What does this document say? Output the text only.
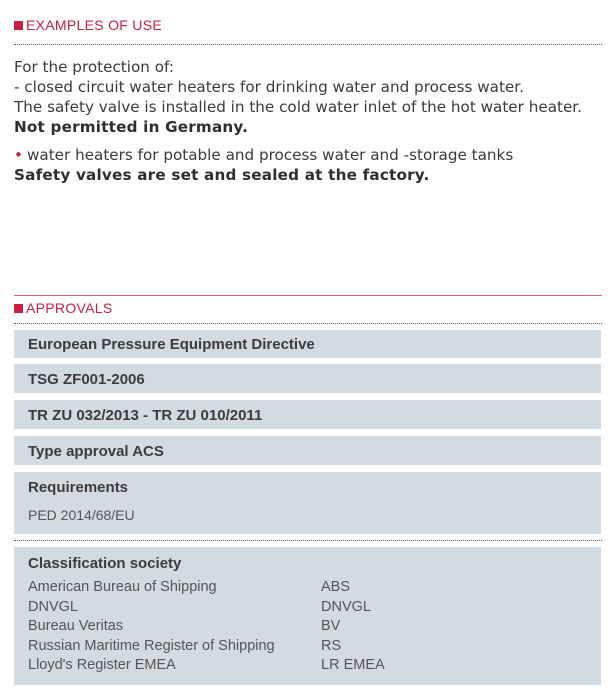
EXAMPLES OF USE

For the protection of:

- closed circuit water heaters for drinking water and process water.

The safety valve is installed in the cold water inlet of the hot water heater.

Not permitted in Germany.

• water heaters for potable and process water and -storage tanks

Safety valves are set and sealed at the factory.

APPROVALS
European Pressure Equipment Directive
TSG ZF001-2006
TR ZU 032/2013 - TR ZU 010/2011
Type approval ACS
Requirements
PED 2014/68/EU
Classification society
American Bureau of Shipping	ABS
DNVGL	DNVGL
Bureau Veritas	BV
Russian Maritime Register of Shipping	RS
Lloyd's Register EMEA	LR EMEA
